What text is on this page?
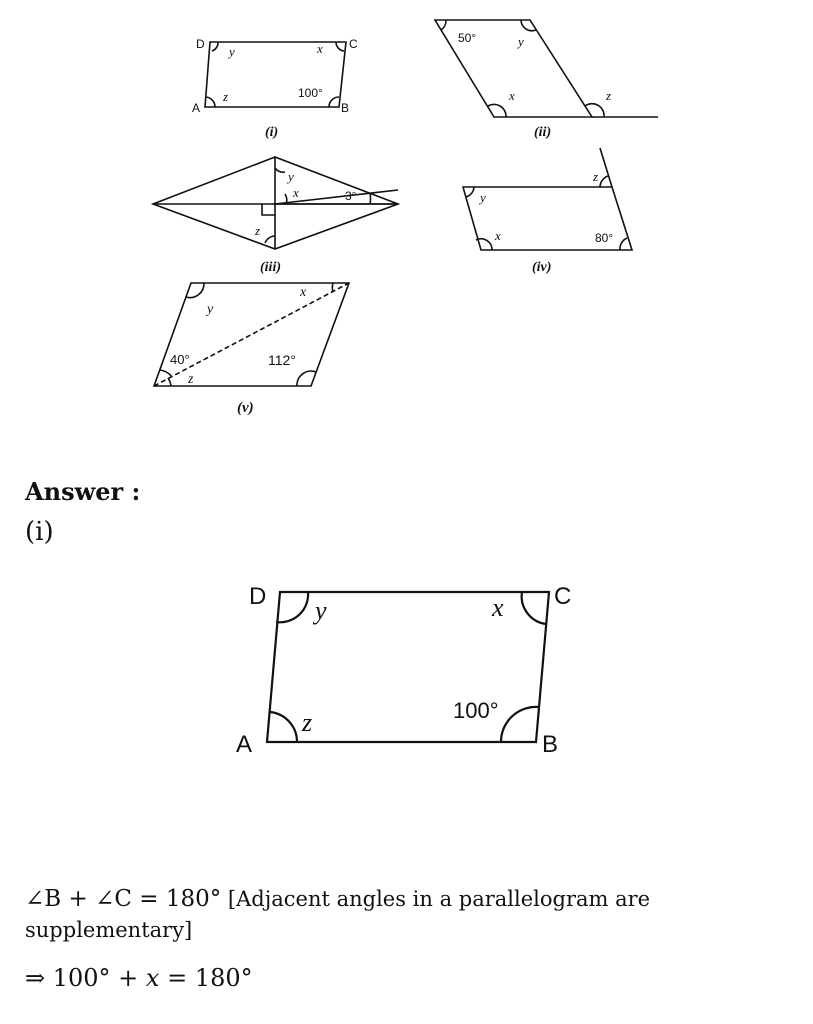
D	C
A	B
y	x
z	100°
(i)
50°	y
x	z
(ii)
y
x	3°
z
(iii)
z
y
x	80°
(iv)
x
y
40°
z
112°
(v)
D	C
A	B
y	x
z	100°
Answer :
(i)
∠B + ∠C = 180° [Adjacent angles in a parallelogram are supplementary]
⇒ 100° + 𝑥 = 180°
